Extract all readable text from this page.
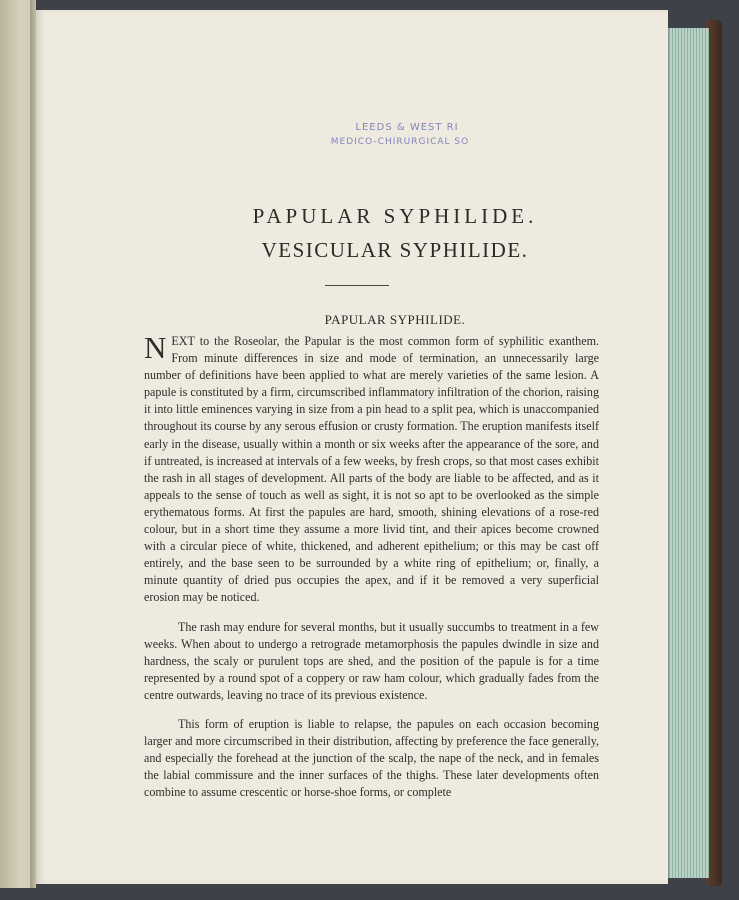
LEEDS & WEST RI
MEDICO-CHIRURGICAL SO
PAPULAR SYPHILIDE.
VESICULAR SYPHILIDE.
PAPULAR SYPHILIDE.

NEXT to the Roseolar, the Papular is the most common form of syphilitic exanthem. From minute differences in size and mode of termination, an unnecessarily large number of definitions have been applied to what are merely varieties of the same lesion. A papule is constituted by a firm, circumscribed inflammatory infiltration of the chorion, raising it into little eminences varying in size from a pin head to a split pea, which is unaccompanied throughout its course by any serous effusion or crusty formation. The eruption manifests itself early in the disease, usually within a month or six weeks after the appearance of the sore, and if untreated, is increased at intervals of a few weeks, by fresh crops, so that most cases exhibit the rash in all stages of development. All parts of the body are liable to be affected, and as it appeals to the sense of touch as well as sight, it is not so apt to be overlooked as the simple erythematous forms. At first the papules are hard, smooth, shining elevations of a rose-red colour, but in a short time they assume a more livid tint, and their apices become crowned with a circular piece of white, thickened, and adherent epithelium; or this may be cast off entirely, and the base seen to be surrounded by a white ring of epithelium; or, finally, a minute quantity of dried pus occupies the apex, and if it be removed a very superficial erosion may be noticed.

The rash may endure for several months, but it usually succumbs to treatment in a few weeks. When about to undergo a retrograde metamorphosis the papules dwindle in size and hardness, the scaly or purulent tops are shed, and the position of the papule is for a time represented by a round spot of a coppery or raw ham colour, which gradually fades from the centre outwards, leaving no trace of its previous existence.

This form of eruption is liable to relapse, the papules on each occasion becoming larger and more circumscribed in their distribution, affecting by preference the face generally, and especially the forehead at the junction of the scalp, the nape of the neck, and in females the labial commissure and the inner surfaces of the thighs. These later developments often combine to assume crescentic or horse-shoe forms, or complete
